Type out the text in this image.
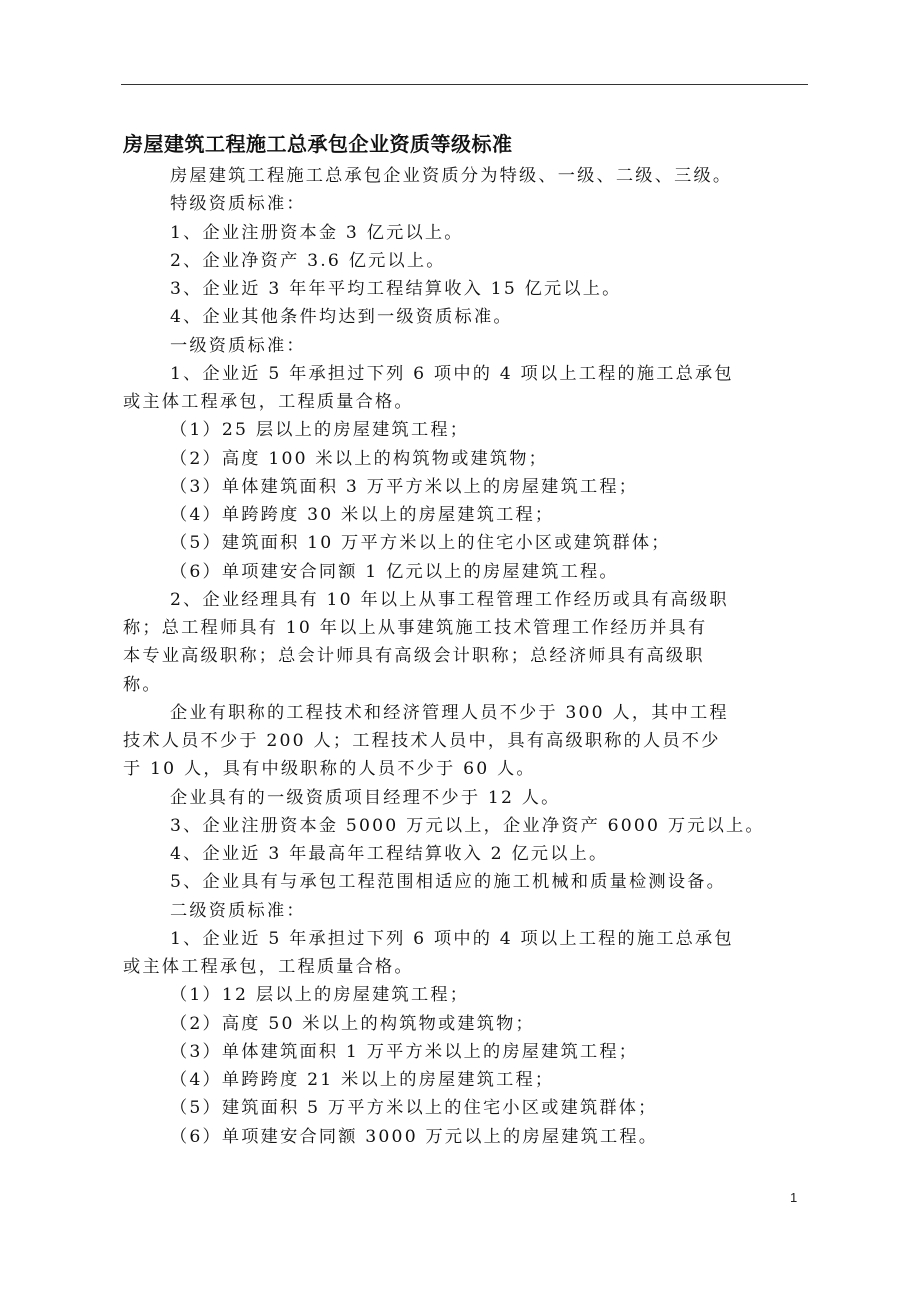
房屋建筑工程施工总承包企业资质等级标准
房屋建筑工程施工总承包企业资质分为特级、一级、二级、三级。
特级资质标准：
1、企业注册资本金 3 亿元以上。
2、企业净资产 3.6 亿元以上。
3、企业近 3 年年平均工程结算收入 15 亿元以上。
4、企业其他条件均达到一级资质标准。
一级资质标准：
1、企业近 5 年承担过下列 6 项中的 4 项以上工程的施工总承包
或主体工程承包，工程质量合格。
（1）25 层以上的房屋建筑工程；
（2）高度 100 米以上的构筑物或建筑物；
（3）单体建筑面积 3 万平方米以上的房屋建筑工程；
（4）单跨跨度 30 米以上的房屋建筑工程；
（5）建筑面积 10 万平方米以上的住宅小区或建筑群体；
（6）单项建安合同额 1 亿元以上的房屋建筑工程。
2、企业经理具有 10 年以上从事工程管理工作经历或具有高级职
称；总工程师具有 10 年以上从事建筑施工技术管理工作经历并具有
本专业高级职称；总会计师具有高级会计职称；总经济师具有高级职
称。
企业有职称的工程技术和经济管理人员不少于 300 人，其中工程
技术人员不少于 200 人；工程技术人员中，具有高级职称的人员不少
于 10 人，具有中级职称的人员不少于 60 人。
企业具有的一级资质项目经理不少于 12 人。
3、企业注册资本金 5000 万元以上，企业净资产 6000 万元以上。
4、企业近 3 年最高年工程结算收入 2 亿元以上。
5、企业具有与承包工程范围相适应的施工机械和质量检测设备。
二级资质标准：
1、企业近 5 年承担过下列 6 项中的 4 项以上工程的施工总承包
或主体工程承包，工程质量合格。
（1）12 层以上的房屋建筑工程；
（2）高度 50 米以上的构筑物或建筑物；
（3）单体建筑面积 1 万平方米以上的房屋建筑工程；
（4）单跨跨度 21 米以上的房屋建筑工程；
（5）建筑面积 5 万平方米以上的住宅小区或建筑群体；
（6）单项建安合同额 3000 万元以上的房屋建筑工程。
1
